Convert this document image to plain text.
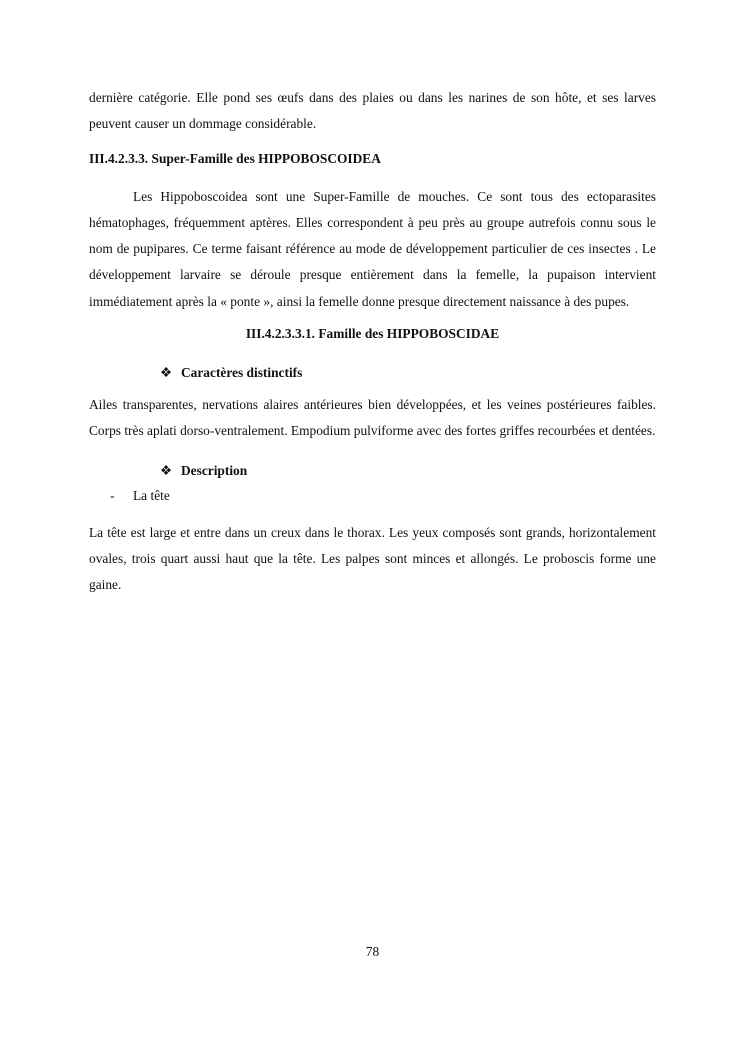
dernière catégorie. Elle pond ses œufs dans des plaies ou dans les narines de son hôte, et ses larves peuvent causer un dommage considérable.

III.4.2.3.3. Super-Famille des HIPPOBOSCOIDEA

Les Hippoboscoidea sont une Super-Famille de mouches. Ce sont tous des ectoparasites hématophages, fréquemment aptères. Elles correspondent à peu près au groupe autrefois connu sous le nom de pupipares. Ce terme faisant référence au mode de développement particulier de ces insectes . Le développement larvaire se déroule presque entièrement dans la femelle, la pupaison intervient immédiatement après la « ponte », ainsi la femelle donne presque directement naissance à des pupes.

III.4.2.3.3.1. Famille des HIPPOBOSCIDAE
❖ Caractères distinctifs

Ailes transparentes, nervations alaires antérieures bien développées, et les veines postérieures faibles. Corps très aplati dorso-ventralement. Empodium pulviforme avec des fortes griffes recourbées et dentées.

❖ Description
- La tête

La tête est large et entre dans un creux dans le thorax. Les yeux composés sont grands, horizontalement ovales, trois quart aussi haut que la tête. Les palpes sont minces et allongés. Le proboscis forme une gaine.

78
